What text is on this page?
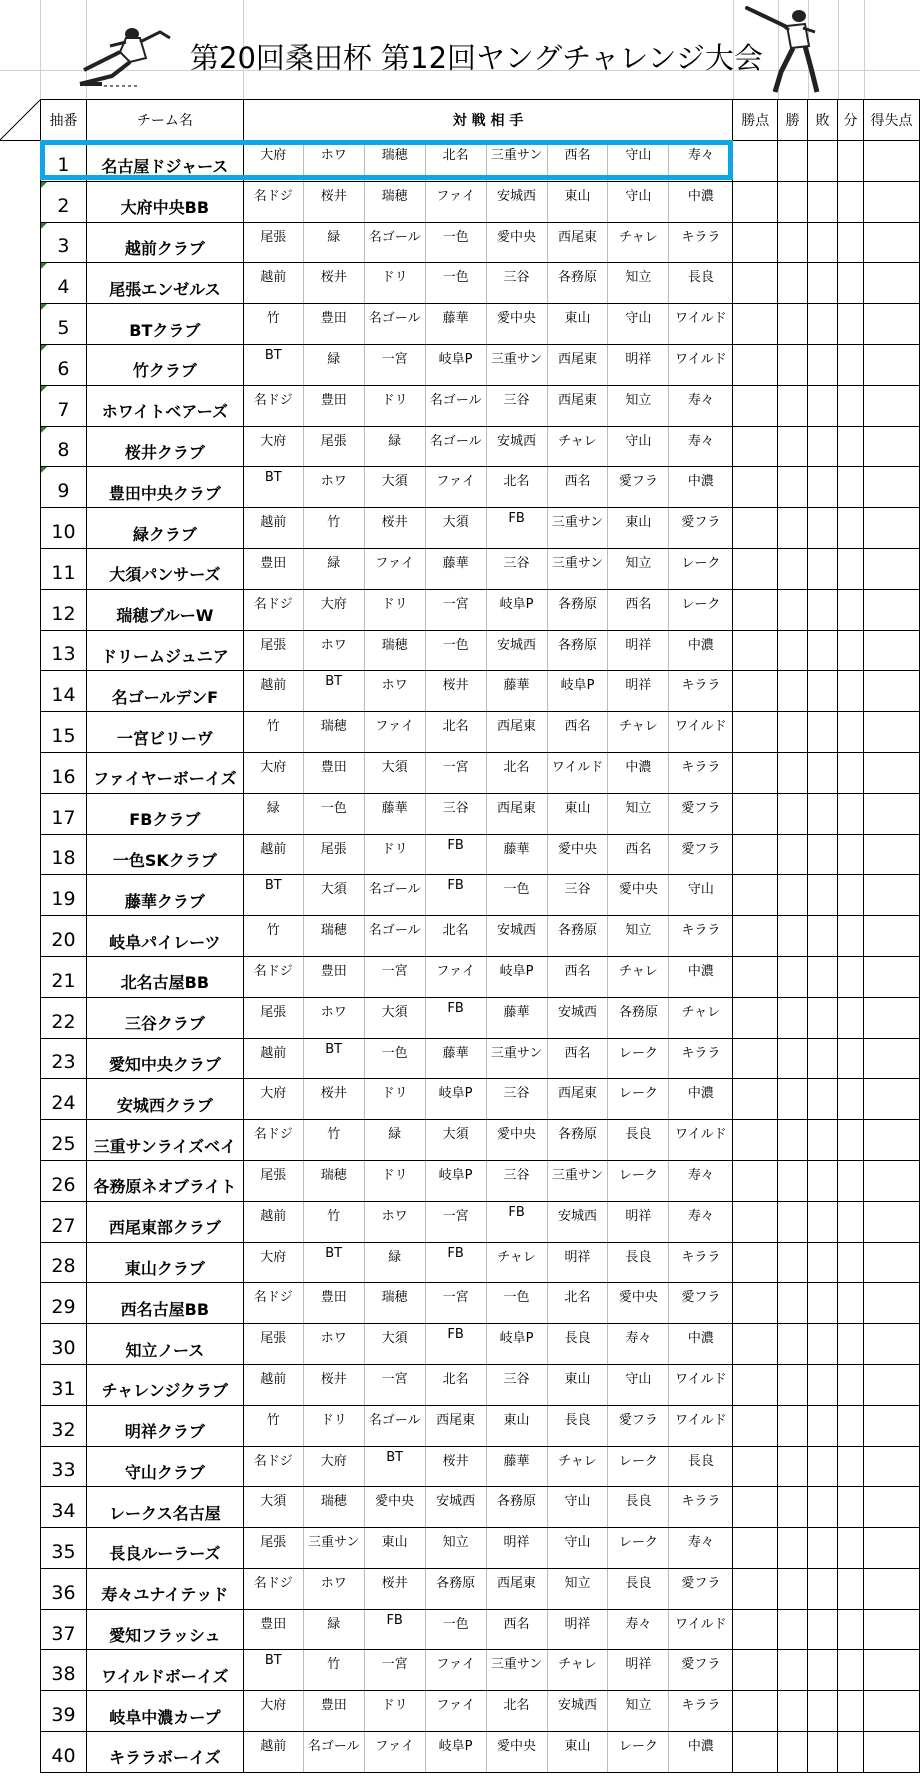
第20回桑田杯 第12回ヤングチャレンジ大会
	抽番	チーム名	対 戦 相 手								勝点	勝	敗	分	得失点
	1	名古屋ドジャース	大府	ホワ	瑞穂	北名	三重サン	西名	守山	寿々					

2	大府中央BB	名ドジ	桜井	瑞穂	ファイ	安城西	東山	守山	中濃					

3	越前クラブ	尾張	緑	名ゴール	一色	愛中央	西尾東	チャレ	キララ					

4	尾張エンゼルス	越前	桜井	ドリ	一色	三谷	各務原	知立	長良					

5	BTクラブ	竹	豊田	名ゴール	藤華	愛中央	東山	守山	ワイルド					

6	竹クラブ	BT	緑	一宮	岐阜P	三重サン	西尾東	明祥	ワイルド					

7	ホワイトベアーズ	名ドジ	豊田	ドリ	名ゴール	三谷	西尾東	知立	寿々					

8	桜井クラブ	大府	尾張	緑	名ゴール	安城西	チャレ	守山	寿々					

9	豊田中央クラブ	BT	ホワ	大須	ファイ	北名	西名	愛フラ	中濃					
	10	緑クラブ	越前	竹	桜井	大須	FB	三重サン	東山	愛フラ					
	11	大須パンサーズ	豊田	緑	ファイ	藤華	三谷	三重サン	知立	レーク					
	12	瑞穂ブルーW	名ドジ	大府	ドリ	一宮	岐阜P	各務原	西名	レーク					
	13	ドリームジュニア	尾張	ホワ	瑞穂	一色	安城西	各務原	明祥	中濃					
	14	名ゴールデンF	越前	BT	ホワ	桜井	藤華	岐阜P	明祥	キララ					
	15	一宮ビリーヴ	竹	瑞穂	ファイ	北名	西尾東	西名	チャレ	ワイルド					
	16	ファイヤーボーイズ	大府	豊田	大須	一宮	北名	ワイルド	中濃	キララ					
	17	FBクラブ	緑	一色	藤華	三谷	西尾東	東山	知立	愛フラ					
	18	一色SKクラブ	越前	尾張	ドリ	FB	藤華	愛中央	西名	愛フラ					
	19	藤華クラブ	BT	大須	名ゴール	FB	一色	三谷	愛中央	守山					
	20	岐阜パイレーツ	竹	瑞穂	名ゴール	北名	安城西	各務原	知立	キララ					
	21	北名古屋BB	名ドジ	豊田	一宮	ファイ	岐阜P	西名	チャレ	中濃					
	22	三谷クラブ	尾張	ホワ	大須	FB	藤華	安城西	各務原	チャレ					
	23	愛知中央クラブ	越前	BT	一色	藤華	三重サン	西名	レーク	キララ					
	24	安城西クラブ	大府	桜井	ドリ	岐阜P	三谷	西尾東	レーク	中濃					
	25	三重サンライズベイ	名ドジ	竹	緑	大須	愛中央	各務原	長良	ワイルド					
	26	各務原ネオブライト	尾張	瑞穂	ドリ	岐阜P	三谷	三重サン	レーク	寿々					
	27	西尾東部クラブ	越前	竹	ホワ	一宮	FB	安城西	明祥	寿々					
	28	東山クラブ	大府	BT	緑	FB	チャレ	明祥	長良	キララ					
	29	西名古屋BB	名ドジ	豊田	瑞穂	一宮	一色	北名	愛中央	愛フラ					
	30	知立ノース	尾張	ホワ	大須	FB	岐阜P	長良	寿々	中濃					
	31	チャレンジクラブ	越前	桜井	一宮	北名	三谷	東山	守山	ワイルド					
	32	明祥クラブ	竹	ドリ	名ゴール	西尾東	東山	長良	愛フラ	ワイルド					
	33	守山クラブ	名ドジ	大府	BT	桜井	藤華	チャレ	レーク	長良					
	34	レークス名古屋	大須	瑞穂	愛中央	安城西	各務原	守山	長良	キララ					
	35	長良ルーラーズ	尾張	三重サン	東山	知立	明祥	守山	レーク	寿々					
	36	寿々ユナイテッド	名ドジ	ホワ	桜井	各務原	西尾東	知立	長良	愛フラ					
	37	愛知フラッシュ	豊田	緑	FB	一色	西名	明祥	寿々	ワイルド					
	38	ワイルドボーイズ	BT	竹	一宮	ファイ	三重サン	チャレ	明祥	愛フラ					
	39	岐阜中濃カープ	大府	豊田	ドリ	ファイ	北名	安城西	知立	キララ					
	40	キララボーイズ	越前	名ゴール	ファイ	岐阜P	愛中央	東山	レーク	中濃					
